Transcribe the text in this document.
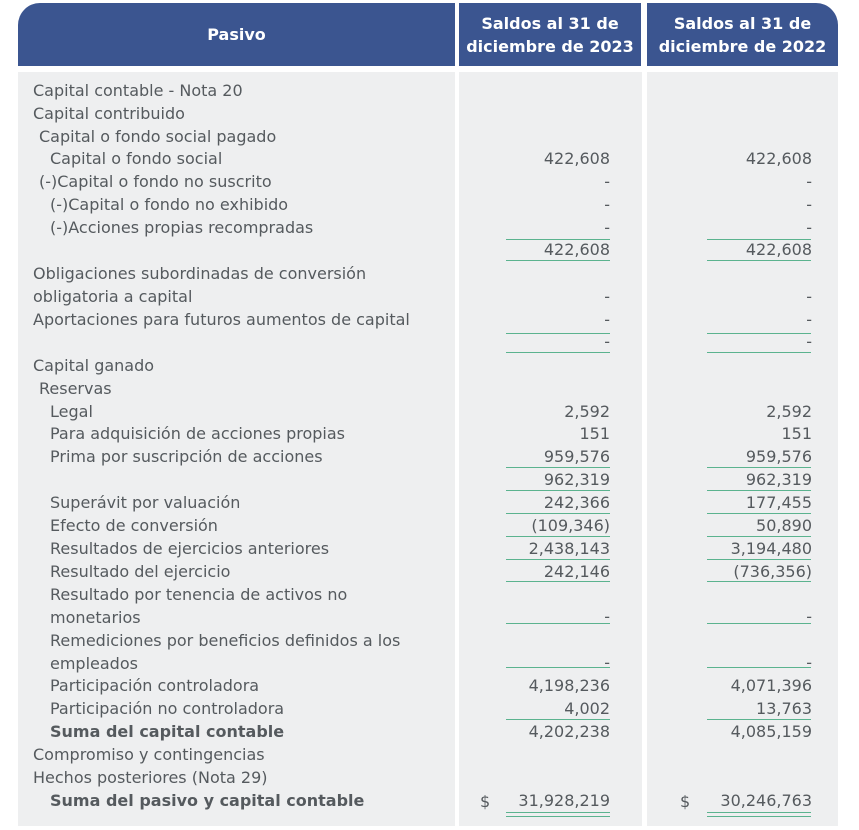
Pasivo
Saldos al 31 de diciembre de 2023
Saldos al 31 de diciembre de 2022
Capital contable - Nota 20
Capital contribuido
Capital o fondo social pagado
Capital o fondo social
(-)Capital o fondo no suscrito
(-)Capital o fondo no exhibido
(-)Acciones propias recompradas
Obligaciones subordinadas de conversión
obligatoria a capital
Aportaciones para futuros aumentos de capital
Capital ganado
Reservas
Legal
Para adquisición de acciones propias
Prima por suscripción de acciones
Superávit por valuación
Efecto de conversión
Resultados de ejercicios anteriores
Resultado del ejercicio
Resultado por tenencia de activos no
monetarios
Remediciones por beneficios definidos a los
empleados
Participación controladora
Participación no controladora
Suma del capital contable
Compromiso y contingencias
Hechos posteriores (Nota 29)
Suma del pasivo y capital contable
422,608
-
-
-
422,608
-
-
-
2,592
151
959,576
962,319
242,366
(109,346)
2,438,143
242,146
-
-
4,198,236
4,002
4,202,238
31,928,219
422,608
-
-
-
422,608
-
-
-
2,592
151
959,576
962,319
177,455
50,890
3,194,480
(736,356)
-
-
4,071,396
13,763
4,085,159
30,246,763
$	$
